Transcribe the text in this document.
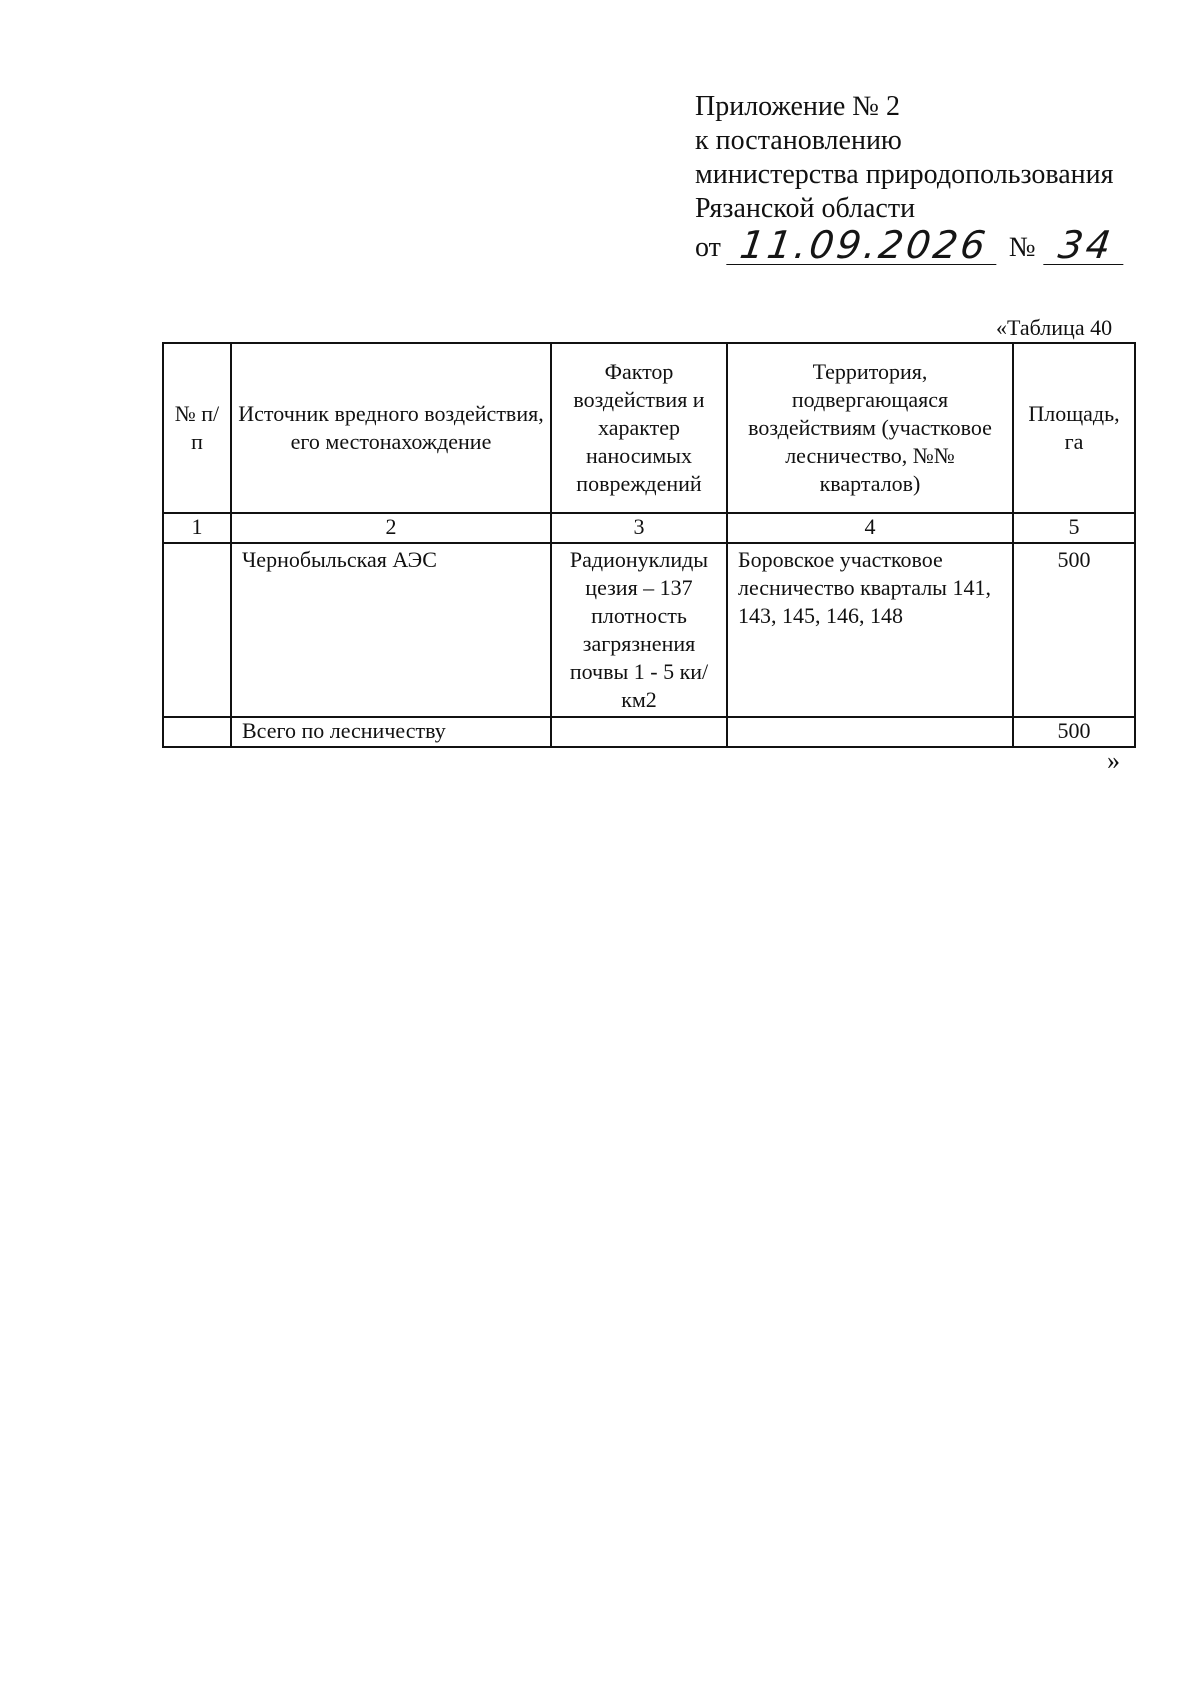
Приложение № 2
к постановлению
министерства природопользования
Рязанской области
от 11.09.2026 № 34
«Таблица 40
№ п/п	Источник вредного воздействия, его местонахождение	Фактор воздействия и характер наносимых повреждений	Территория, подвергающаяся воздействиям (участковое лесничество, №№ кварталов)	Площадь, га
1	2	3	4	5
	Чернобыльская АЭС	Радионуклиды цезия – 137 плотность загрязнения почвы 1 - 5 ки/км2	Боровское участковое лесничество кварталы 141, 143, 145, 146, 148	500
	Всего по лесничеству			500
»
